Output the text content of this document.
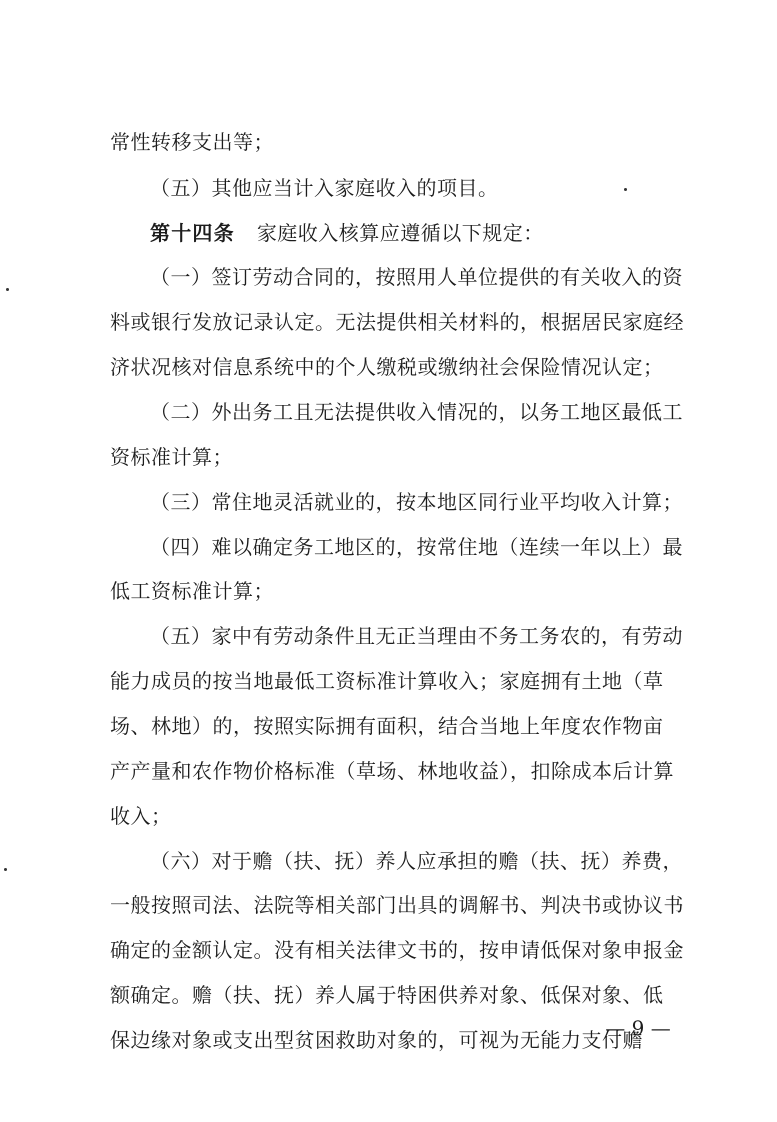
常性转移支出等；
（五）其他应当计入家庭收入的项目。
第十四条 家庭收入核算应遵循以下规定：
（一）签订劳动合同的，按照用人单位提供的有关收入的资
料或银行发放记录认定。无法提供相关材料的，根据居民家庭经
济状况核对信息系统中的个人缴税或缴纳社会保险情况认定；
（二）外出务工且无法提供收入情况的，以务工地区最低工
资标准计算；
（三）常住地灵活就业的，按本地区同行业平均收入计算；
（四）难以确定务工地区的，按常住地（连续一年以上）最
低工资标准计算；
（五）家中有劳动条件且无正当理由不务工务农的，有劳动
能力成员的按当地最低工资标准计算收入；家庭拥有土地（草
场、林地）的，按照实际拥有面积，结合当地上年度农作物亩
产产量和农作物价格标准（草场、林地收益），扣除成本后计算
收入；
（六）对于赡（扶、抚）养人应承担的赡（扶、抚）养费，
一般按照司法、法院等相关部门出具的调解书、判决书或协议书
确定的金额认定。没有相关法律文书的，按申请低保对象申报金
额确定。赡（扶、抚）养人属于特困供养对象、低保对象、低
保边缘对象或支出型贫困救助对象的，可视为无能力支付赡
— 9 —
